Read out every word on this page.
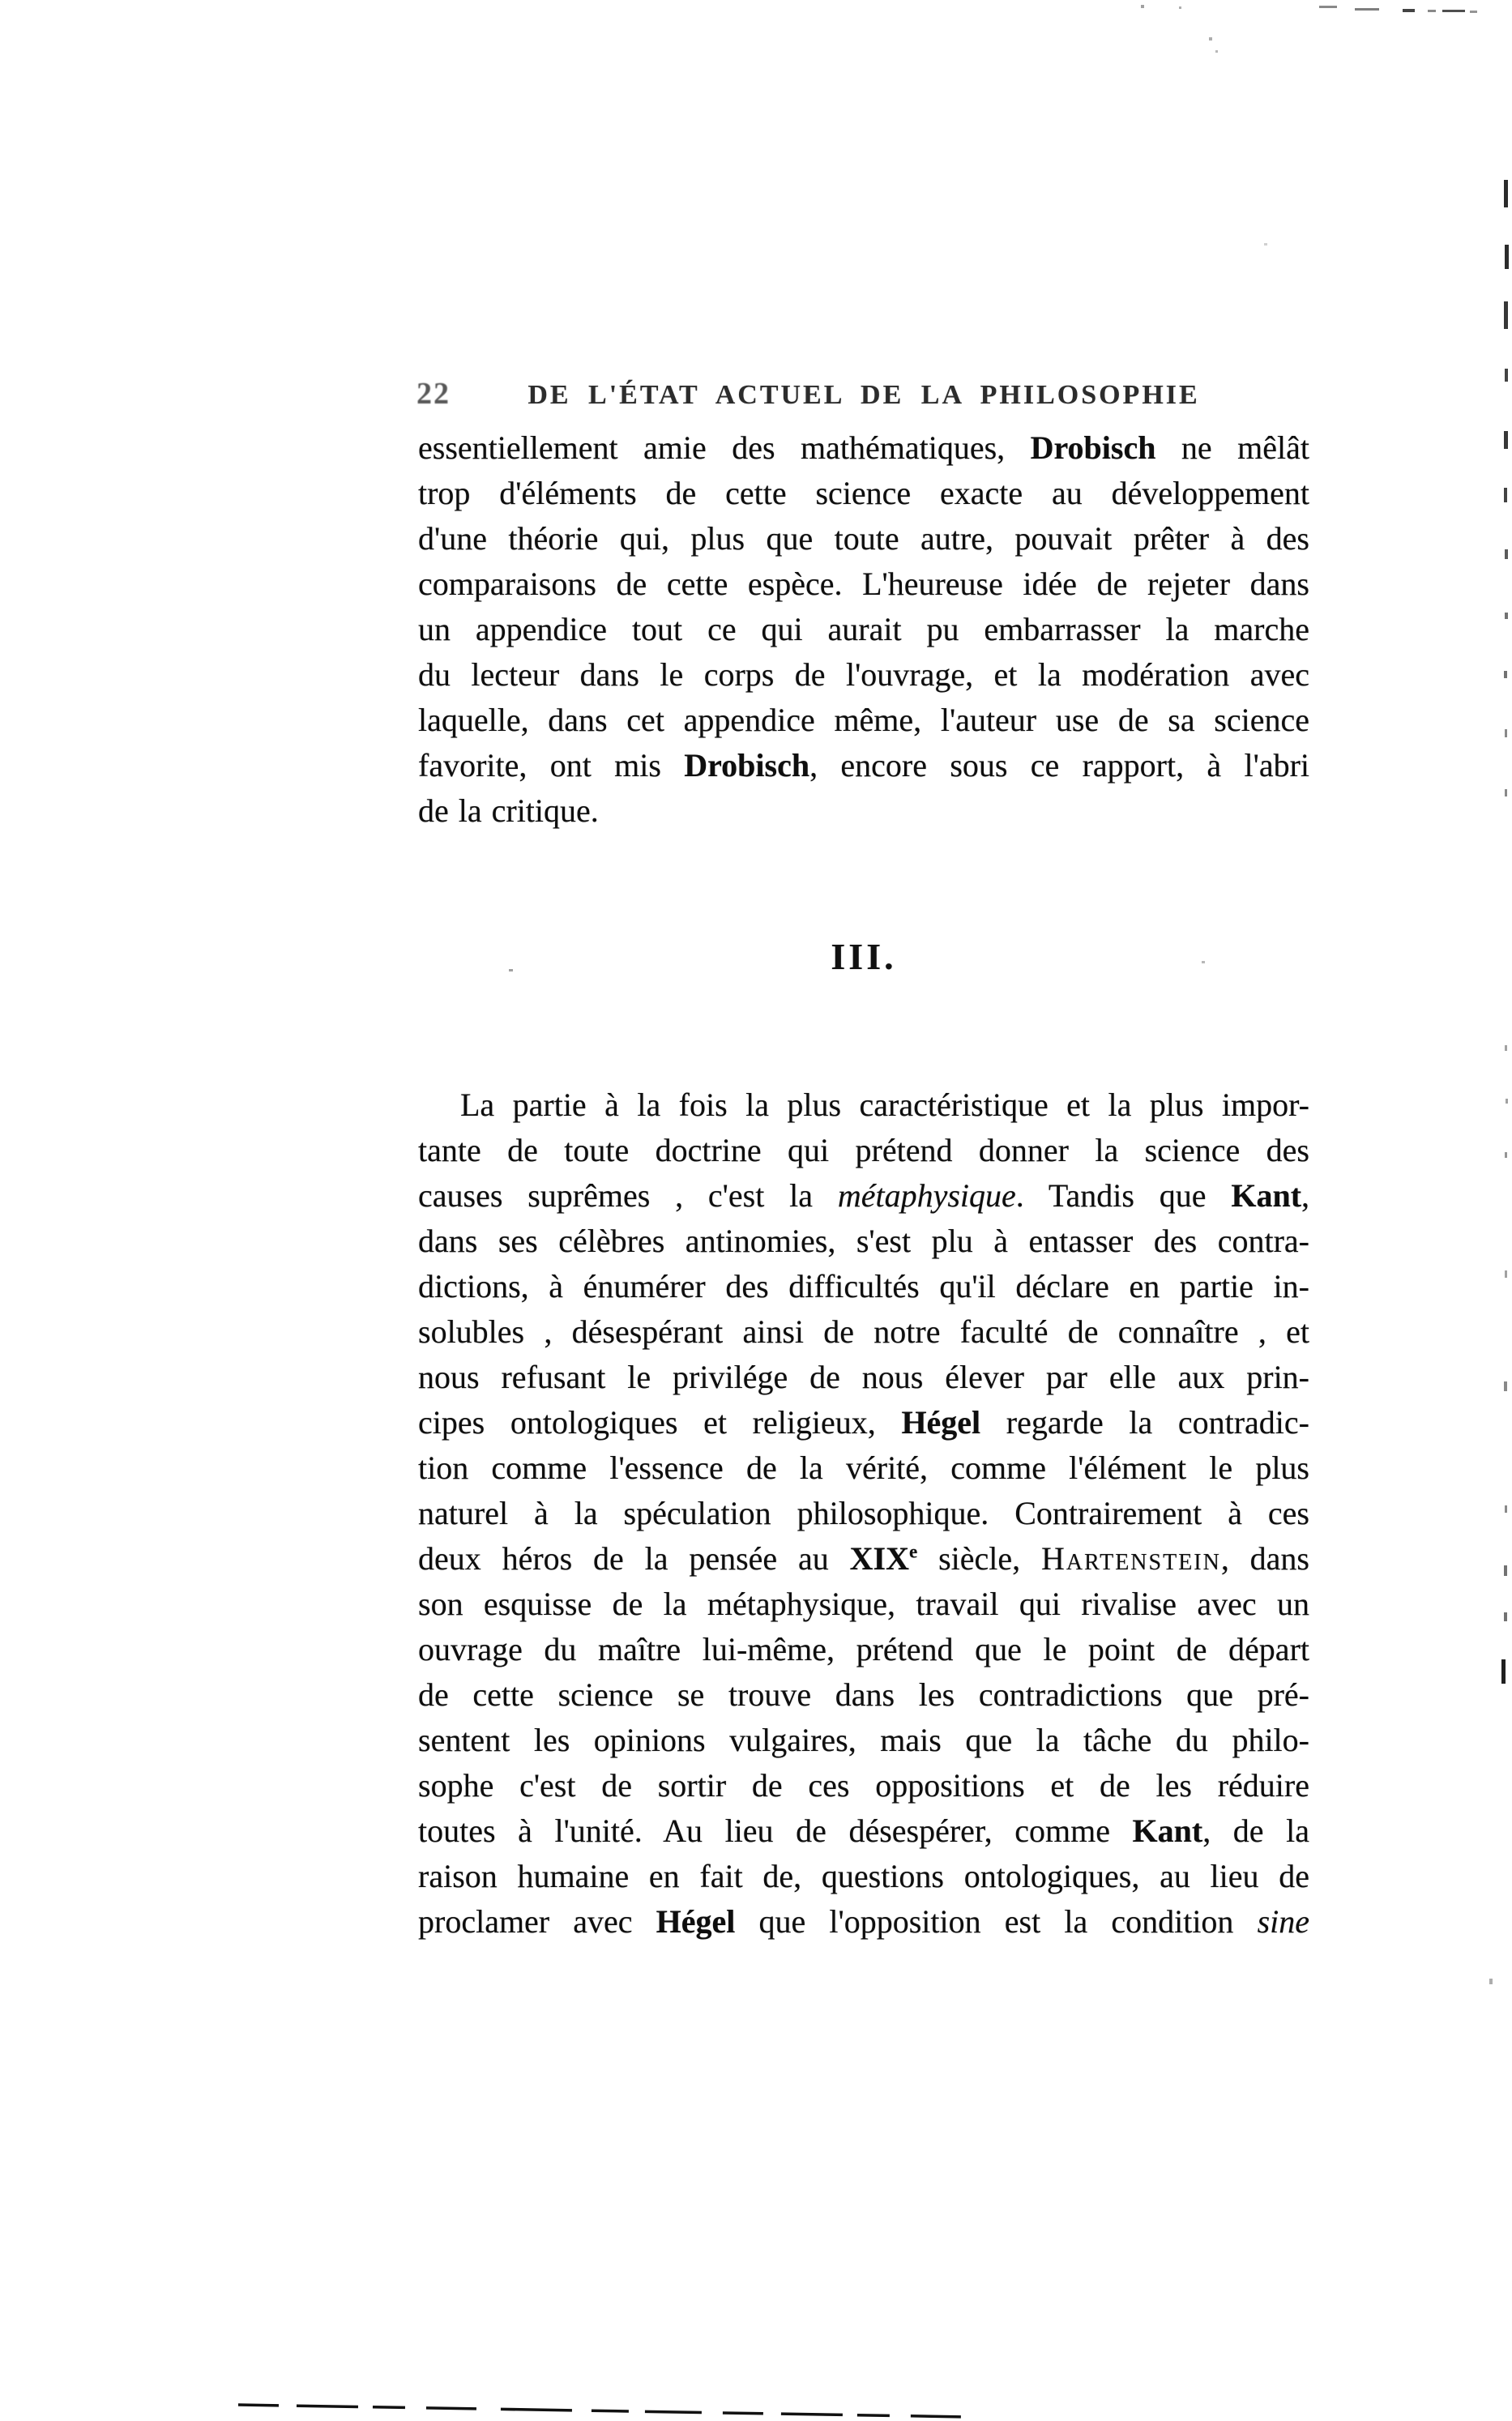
22	DE L'ÉTAT ACTUEL DE LA PHILOSOPHIE
essentiellement amie des mathématiques, Drobisch ne mêlât
trop d'éléments de cette science exacte au développement
d'une théorie qui, plus que toute autre, pouvait prêter à des
comparaisons de cette espèce. L'heureuse idée de rejeter dans
un appendice tout ce qui aurait pu embarrasser la marche
du lecteur dans le corps de l'ouvrage, et la modération avec
laquelle, dans cet appendice même, l'auteur use de sa science
favorite, ont mis Drobisch, encore sous ce rapport, à l'abri
de la critique.
III.
La partie à la fois la plus caractéristique et la plus impor-
tante de toute doctrine qui prétend donner la science des
causes suprêmes , c'est la métaphysique. Tandis que Kant,
dans ses célèbres antinomies, s'est plu à entasser des contra-
dictions, à énumérer des difficultés qu'il déclare en partie in-
solubles , désespérant ainsi de notre faculté de connaître , et
nous refusant le privilége de nous élever par elle aux prin-
cipes ontologiques et religieux, Hégel regarde la contradic-
tion comme l'essence de la vérité, comme l'élément le plus
naturel à la spéculation philosophique. Contrairement à ces
deux héros de la pensée au XIXe siècle, Hartenstein, dans
son esquisse de la métaphysique, travail qui rivalise avec un
ouvrage du maître lui-même, prétend que le point de départ
de cette science se trouve dans les contradictions que pré-
sentent les opinions vulgaires, mais que la tâche du philo-
sophe c'est de sortir de ces oppositions et de les réduire
toutes à l'unité. Au lieu de désespérer, comme Kant, de la
raison humaine en fait de, questions ontologiques, au lieu de
proclamer avec Hégel que l'opposition est la condition sine
